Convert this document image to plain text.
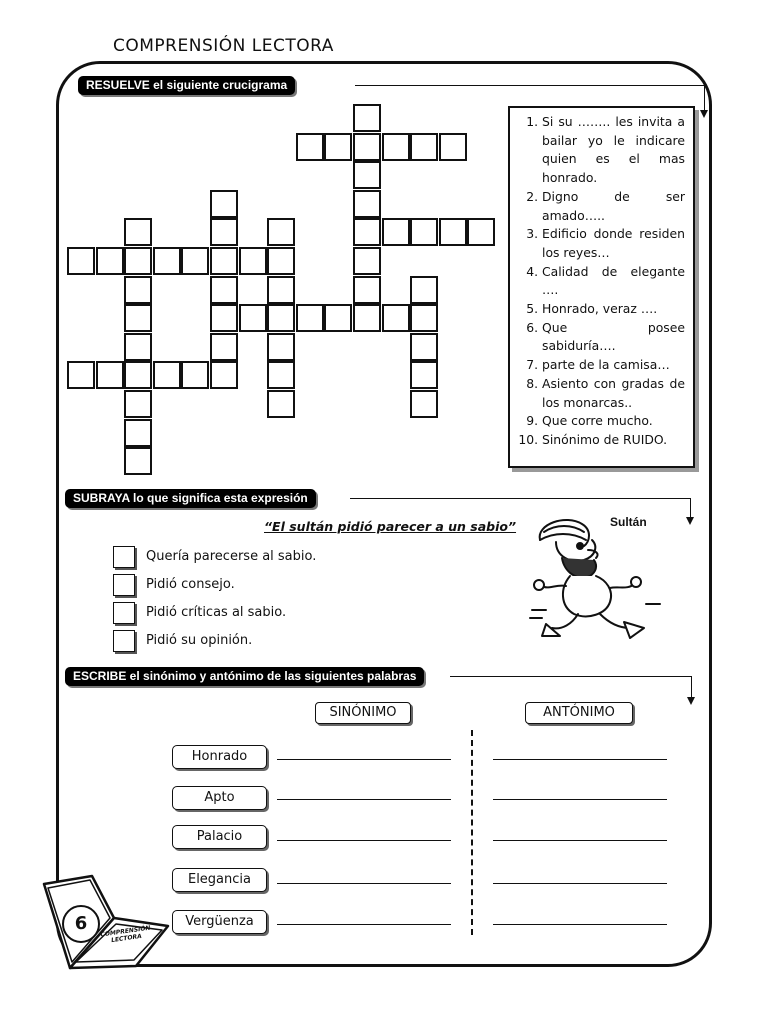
COMPRENSIÓN LECTORA
RESUELVE el siguiente crucigrama
1. Si su …….. les invita a bailar yo le indicare quien es el mas honrado.
2. Digno de ser amado…..
3. Edificio donde residen los reyes…
4. Calidad de elegante ….
5. Honrado, veraz ….
6. Que posee sabiduría….
7. parte de la camisa…
8. Asiento con gradas de los monarcas..
9. Que corre mucho.
10. Sinónimo de RUIDO.
SUBRAYA lo que significa esta expresión
“El sultán pidió parecer a un sabio”
Quería parecerse al sabio.
Pidió consejo.
Pidió críticas al sabio.
Pidió su opinión.
Sultán
ESCRIBE el sinónimo y antónimo de las siguientes palabras
SINÓNIMO	ANTÓNIMO
Honrado
Apto
Palacio
Elegancia
Vergüenza
6	COMPRENSIÓN LECTORA
